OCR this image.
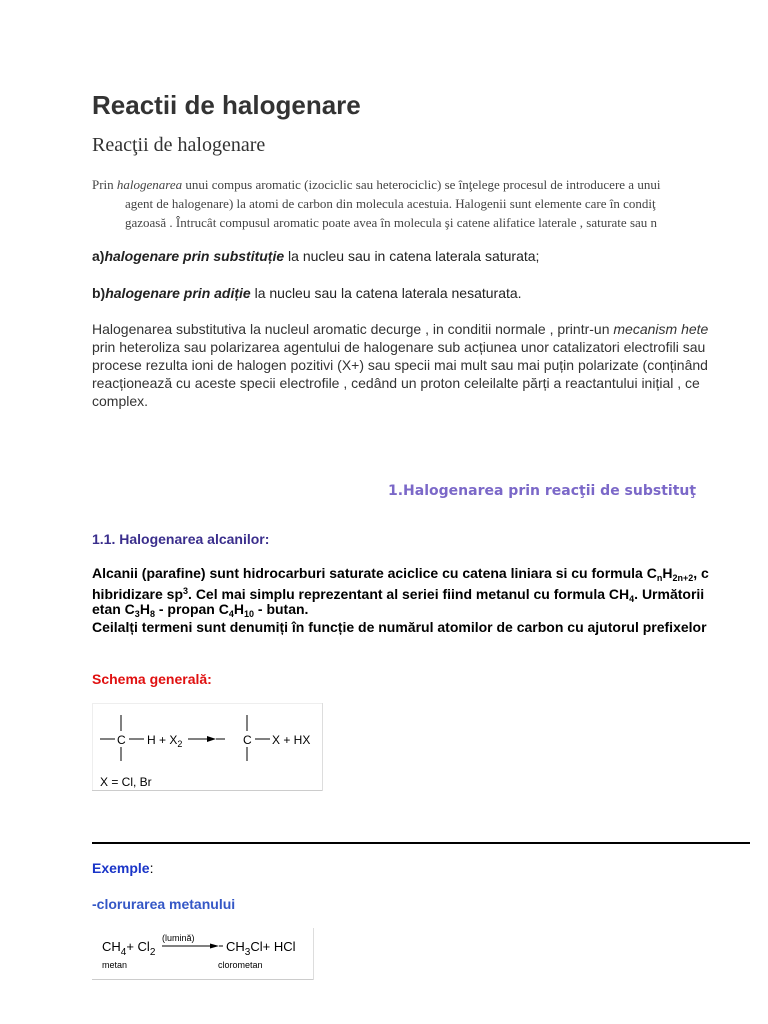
Reactii de halogenare
Reacţii de halogenare
Prin halogenarea unui compus aromatic (izociclic sau heterociclic) se înţelege procesul de introducere a unui
agent de halogenare) la atomi de carbon din molecula acestuia. Halogenii sunt elemente care în condiţ
gazoasă . Întrucât compusul aromatic poate avea în molecula şi catene alifatice laterale , saturate sau n
a)halogenare prin substituție la nucleu sau in catena laterala saturata;
b)halogenare prin adiție la nucleu sau la catena laterala nesaturata.
Halogenarea substitutiva la nucleul aromatic decurge , in conditii normale , printr-un mecanism hete
prin heteroliza sau polarizarea agentului de halogenare sub acțiunea unor catalizatori electrofili sau
procese rezulta ioni de halogen pozitivi (X+) sau specii mai mult sau mai puțin polarizate (conținând
reacționează cu aceste specii electrofile , cedând un proton celeilalte părți a reactantului inițial , ce
complex.
1.Halogenarea prin reacţii de substituţ
1.1. Halogenarea alcanilor:
Alcanii (parafine) sunt hidrocarburi saturate aciclice cu catena liniara si cu formula $C_nH_{2n+2}$, c
hibridizare $sp^3$. Cel mai simplu reprezentant al seriei fiind metanul cu formula $CH_4$. Următorii
etan $C_3H_8$ - propan $C_4H_{10}$ - butan.
Ceilalți termeni sunt denumiți în funcție de numărul atomilor de carbon cu ajutorul prefixelor
Schema generală:
C $H + X_2$	C X + HX
X = Cl, Br
Exemple:
-clorurarea metanului
$CH_4+ Cl_2$
(lumină)
$CH_3Cl+$ HCl
metan	clorometan
